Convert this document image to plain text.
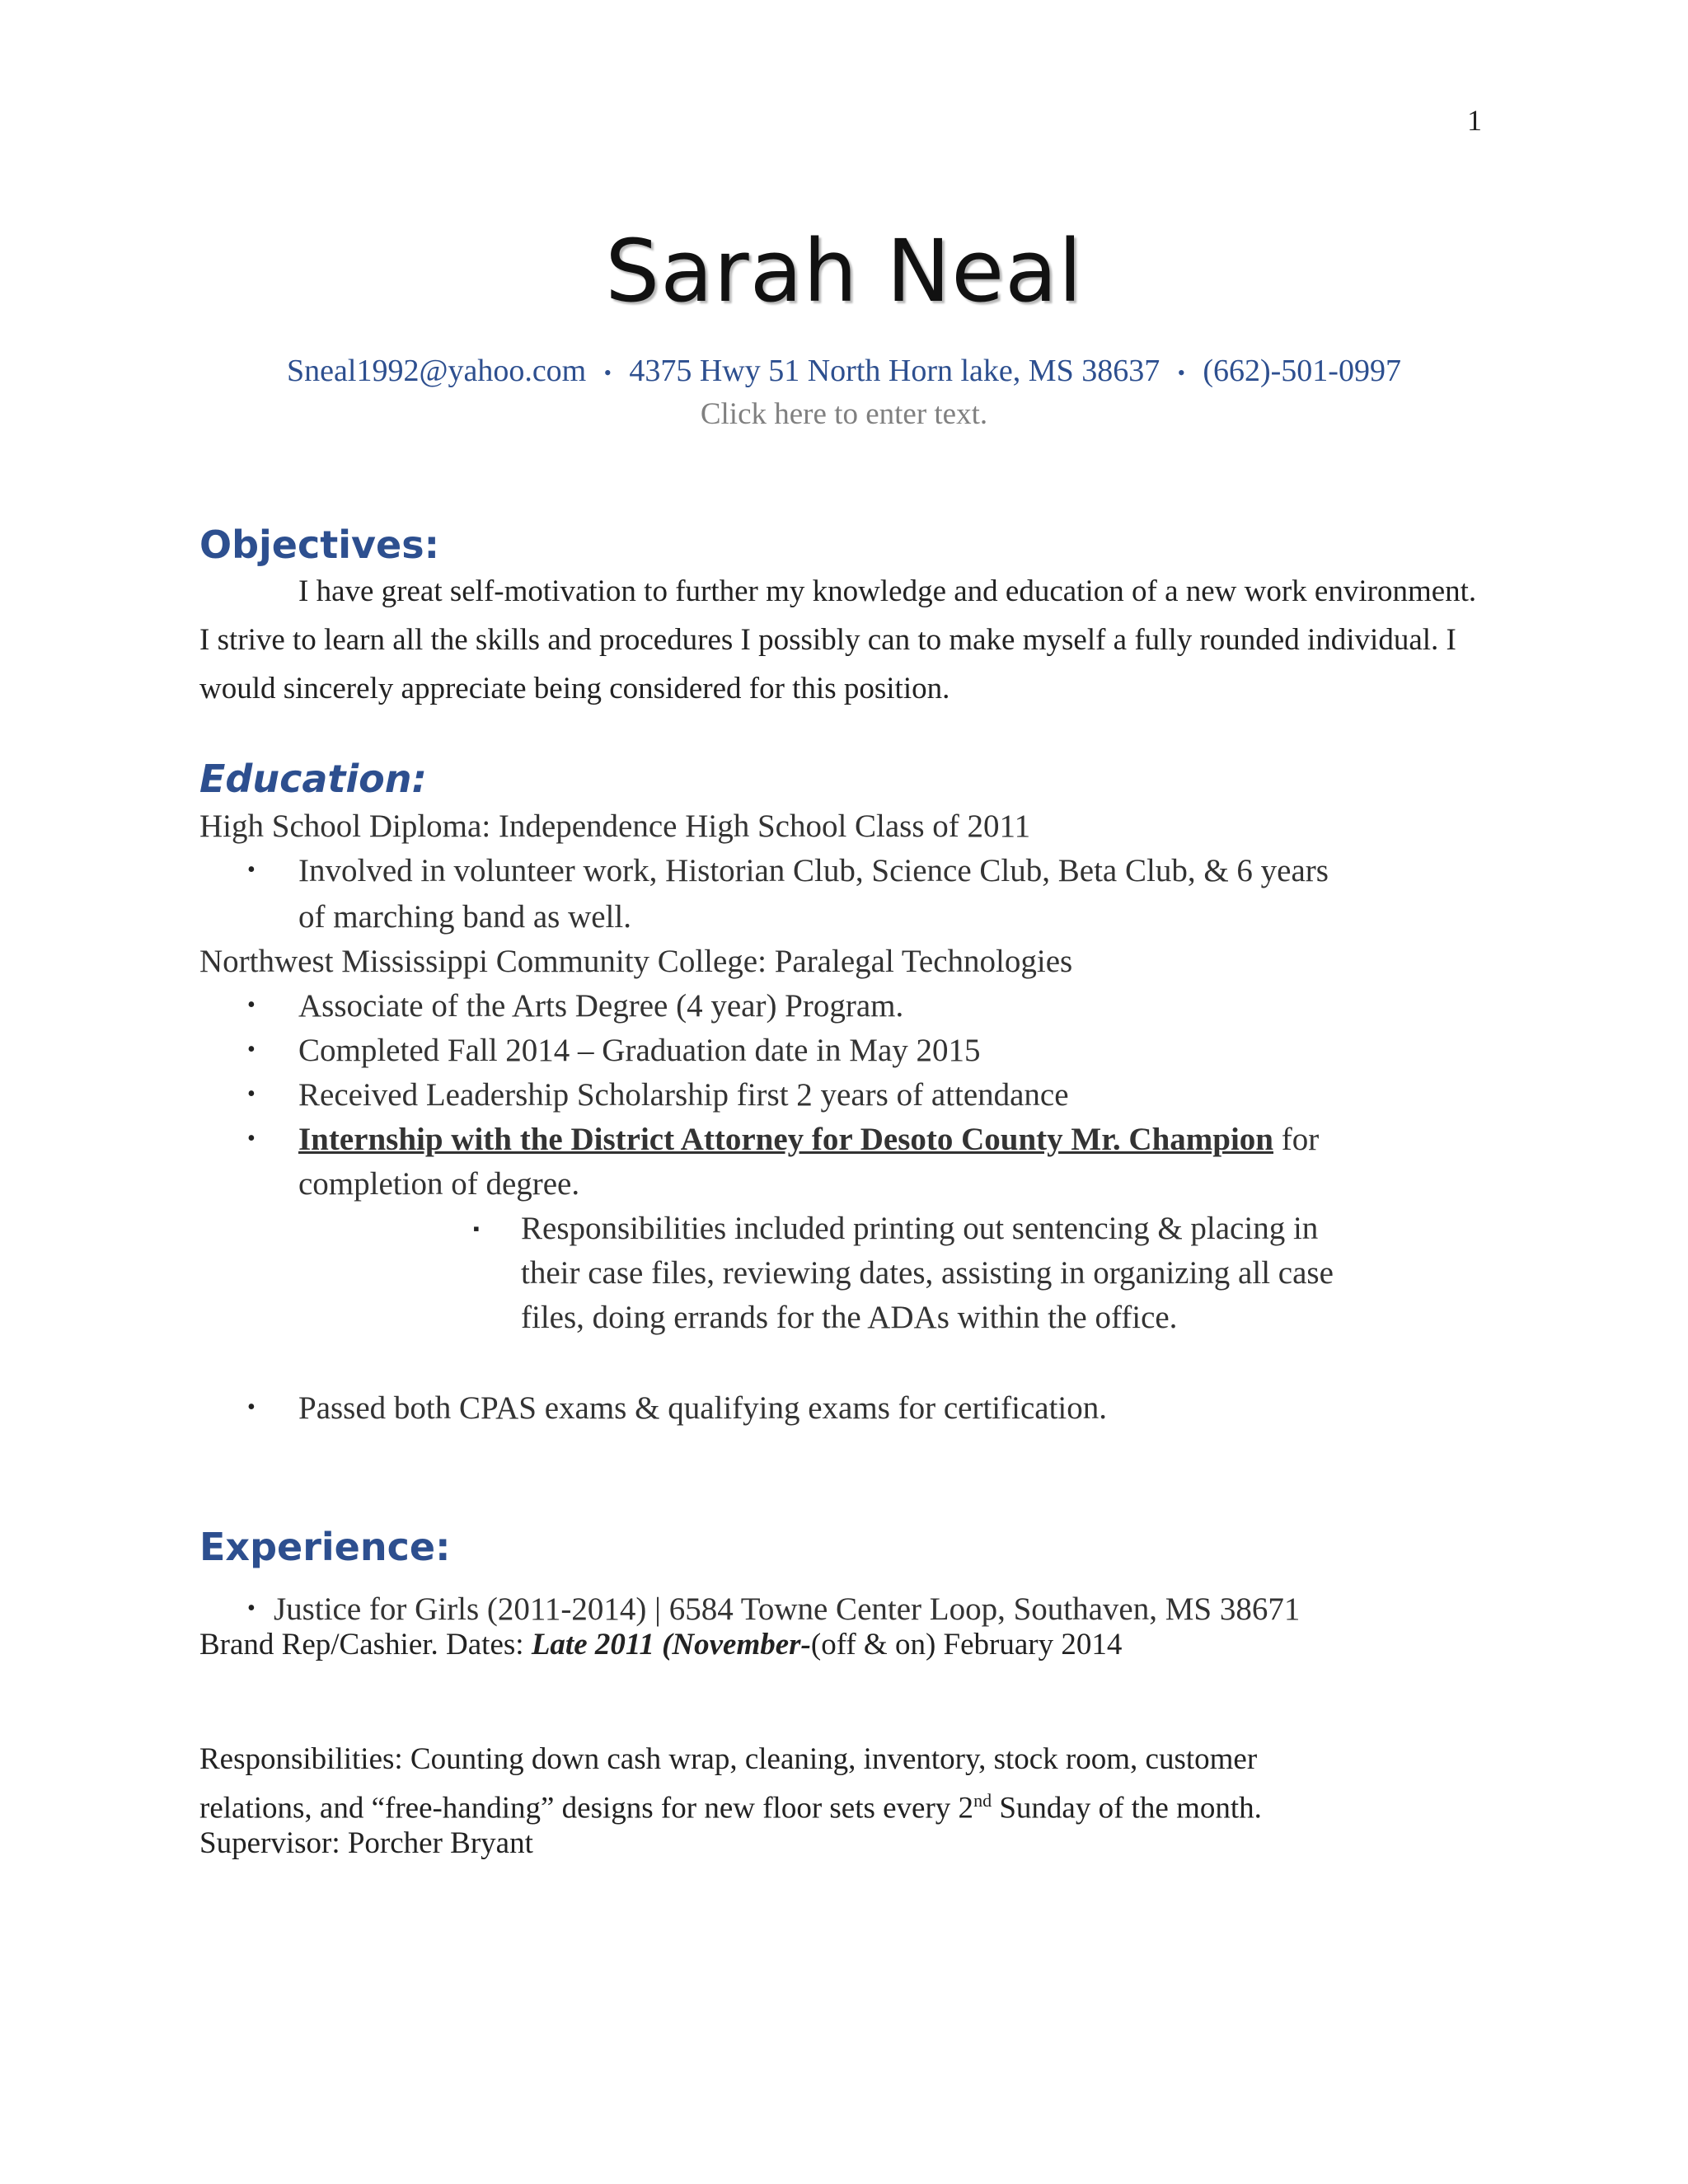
1
Sarah Neal
Sneal1992@yahoo.com • 4375 Hwy 51 North Horn lake, MS 38637 • (662)-501-0997
Click here to enter text.
Objectives:
I have great self-motivation to further my knowledge and education of a new work environment. I strive to learn all the skills and procedures I possibly can to make myself a fully rounded individual. I would sincerely appreciate being considered for this position.
Education:
High School Diploma: Independence High School Class of 2011
• Involved in volunteer work, Historian Club, Science Club, Beta Club, & 6 years
of marching band as well.
Northwest Mississippi Community College: Paralegal Technologies
• Associate of the Arts Degree (4 year) Program.
• Completed Fall 2014 – Graduation date in May 2015
• Received Leadership Scholarship first 2 years of attendance
• Internship with the District Attorney for Desoto County Mr. Champion for
completion of degree.
▪ Responsibilities included printing out sentencing & placing in
their case files, reviewing dates, assisting in organizing all case
files, doing errands for the ADAs within the office.
• Passed both CPAS exams & qualifying exams for certification.
Experience:
• Justice for Girls (2011-2014) | 6584 Towne Center Loop, Southaven, MS 38671
Brand Rep/Cashier. Dates: Late 2011 (November-(off & on) February 2014
Responsibilities: Counting down cash wrap, cleaning, inventory, stock room, customer
relations, and “free-handing” designs for new floor sets every 2nd Sunday of the month.
Supervisor: Porcher Bryant
